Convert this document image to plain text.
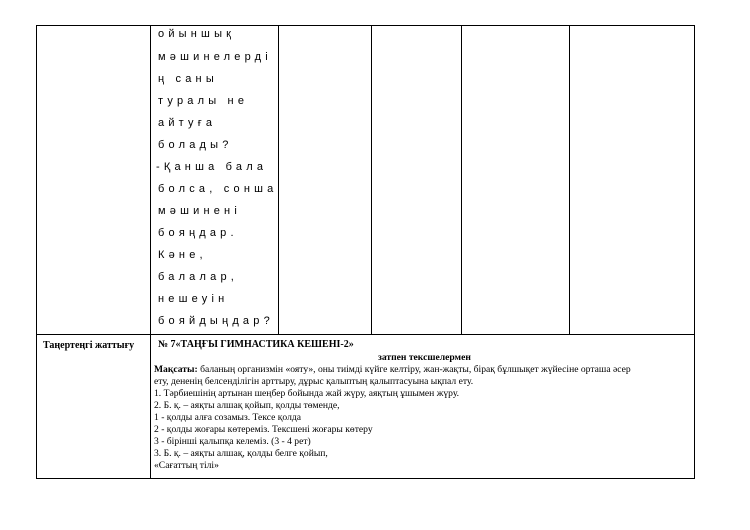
ойыншық
мәшинелерді
ң саны
туралы не
айтуға
болады?
-Қанша бала
болса, сонша
мәшинені
бояңдар.
Кәне,
балалар,
нешеуін
бояйдыңдар?
Таңертеңгі жаттығу № 7«ТАҢҒЫ ГИМНАСТИКА КЕШЕНІ-2»
затпен тексшелермен
Мақсаты: баланың организмін «ояту», оны тиімді күйге келтіру, жан-жақты, бірақ бұлшықет жүйесіне орташа әсер
ету, дененің белсенділігін арттыру, дұрыс қалыптың қалыптасуына ықпал ету.
1. Тәрбиешінің артынан шеңбер бойында жай жүру, аяқтың ұшымен жүру.
2. Б. қ. – аяқты алшақ қойып, қолды төменде,
1 - қолды алға созамыз. Тексе қолда
2 - қолды жоғары көтереміз. Тексшені жоғары көтеру
3 - бірінші қалыпқа келеміз. (3 - 4 рет)
3. Б. қ. – аяқты алшақ, қолды белге қойып,
«Сағаттың тілі»
